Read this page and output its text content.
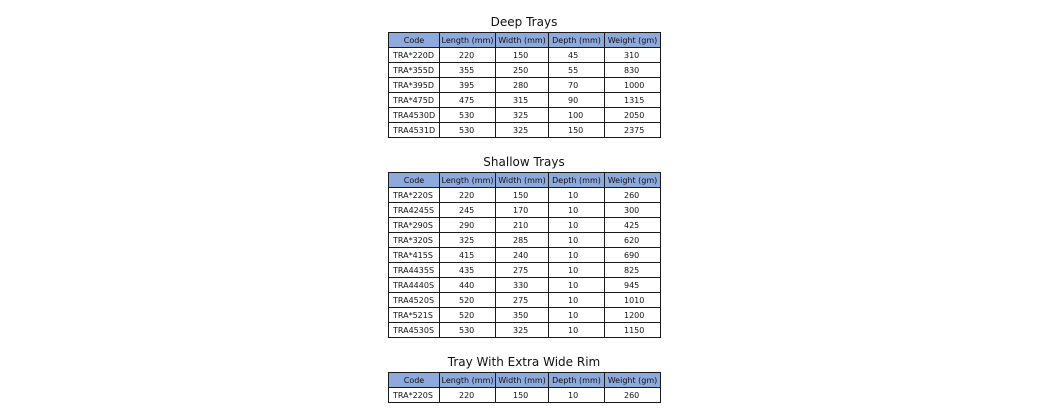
Deep Trays
Code	Length (mm)	Width (mm)	Depth (mm)	Weight (gm)
TRA*220D	220	150	45	310
TRA*355D	355	250	55	830
TRA*395D	395	280	70	1000
TRA*475D	475	315	90	1315
TRA4530D	530	325	100	2050
TRA4531D	530	325	150	2375
Shallow Trays
Code	Length (mm)	Width (mm)	Depth (mm)	Weight (gm)
TRA*220S	220	150	10	260
TRA4245S	245	170	10	300
TRA*290S	290	210	10	425
TRA*320S	325	285	10	620
TRA*415S	415	240	10	690
TRA4435S	435	275	10	825
TRA4440S	440	330	10	945
TRA4520S	520	275	10	1010
TRA*521S	520	350	10	1200
TRA4530S	530	325	10	1150
Tray With Extra Wide Rim
Code	Length (mm)	Width (mm)	Depth (mm)	Weight (gm)
TRA*220S	220	150	10	260
